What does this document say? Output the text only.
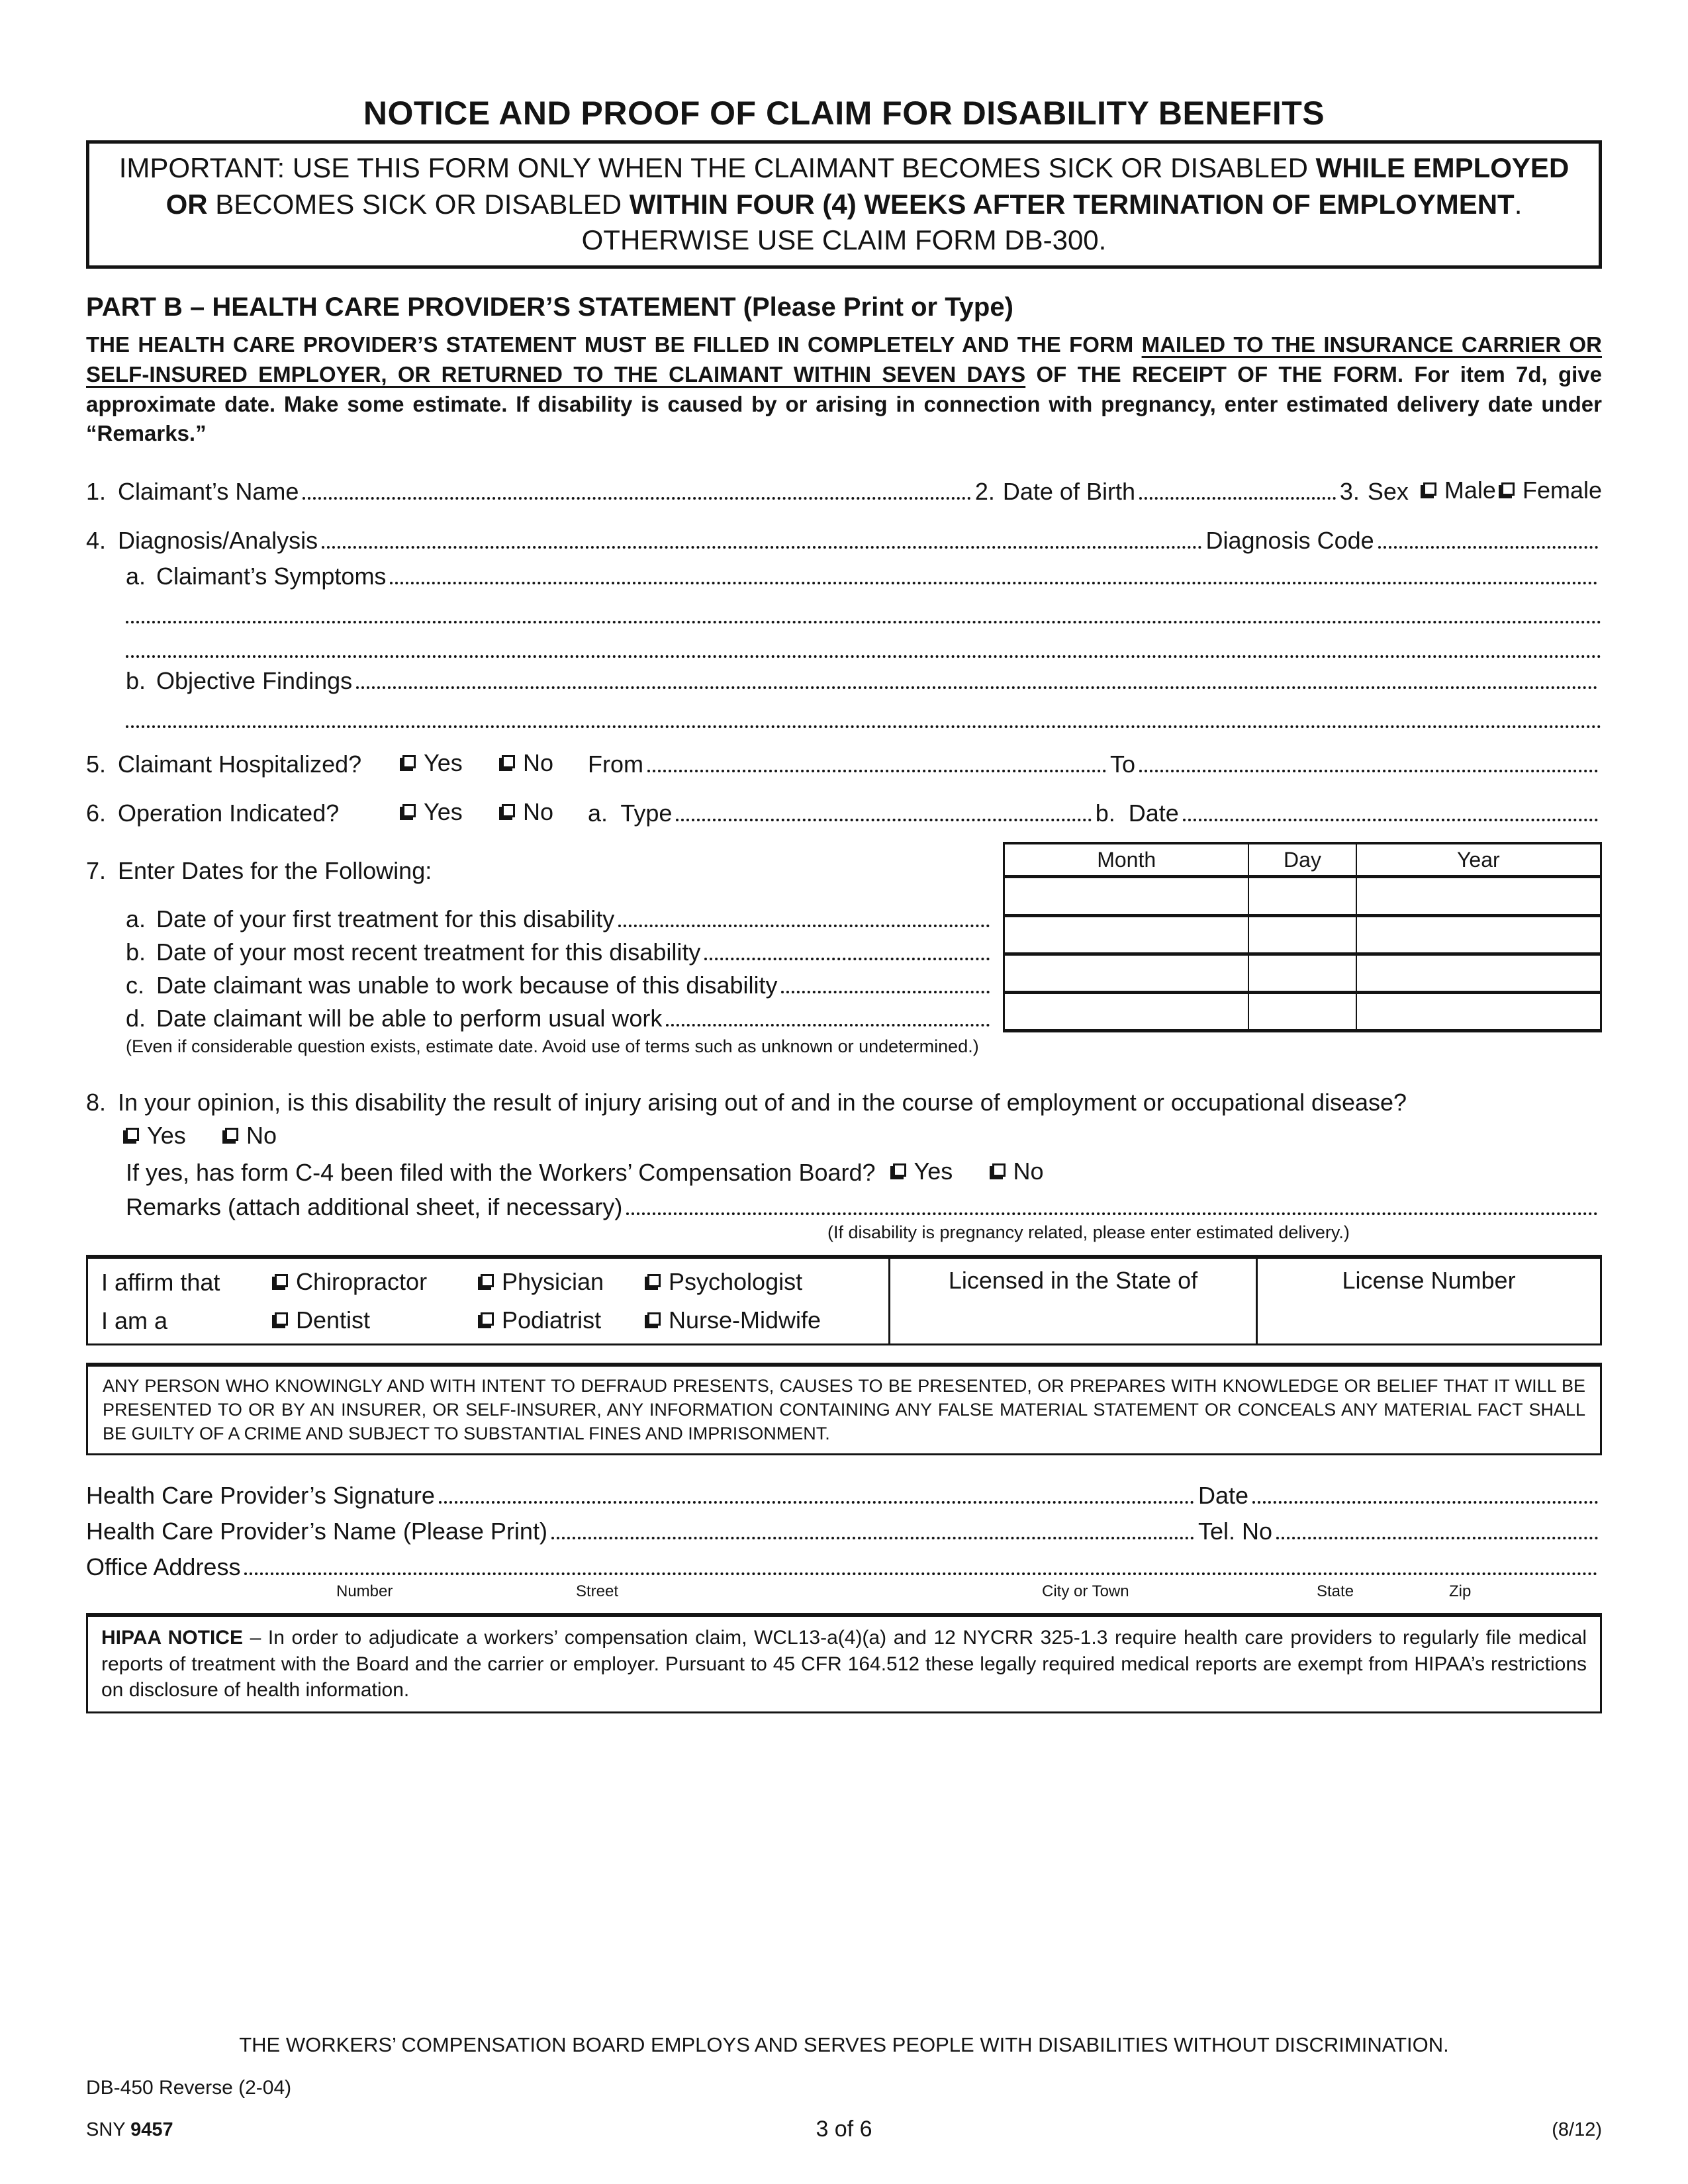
NOTICE AND PROOF OF CLAIM FOR DISABILITY BENEFITS
IMPORTANT: USE THIS FORM ONLY WHEN THE CLAIMANT BECOMES SICK OR DISABLED WHILE EMPLOYED OR BECOMES SICK OR DISABLED WITHIN FOUR (4) WEEKS AFTER TERMINATION OF EMPLOYMENT. OTHERWISE USE CLAIM FORM DB-300.
PART B – HEALTH CARE PROVIDER’S STATEMENT (Please Print or Type)

THE HEALTH CARE PROVIDER’S STATEMENT MUST BE FILLED IN COMPLETELY AND THE FORM MAILED TO THE INSURANCE CARRIER OR SELF-INSURED EMPLOYER, OR RETURNED TO THE CLAIMANT WITHIN SEVEN DAYS OF THE RECEIPT OF THE FORM. For item 7d, give approximate date. Make some estimate. If disability is caused by or arising in connection with pregnancy, enter estimated delivery date under “Remarks.”

1. Claimant’s Name	2. Date of Birth	3. Sex Male Female
4. Diagnosis/Analysis	Diagnosis Code
a. Claimant’s Symptoms
b. Objective Findings
5. Claimant Hospitalized?	Yes	No From	To
6. Operation Indicated?	Yes	No a.  Type	b.  Date
7. Enter Dates for the Following:
a. Date of your first treatment for this disability
b. Date of your most recent treatment for this disability
c. Date claimant was unable to work because of this disability
d. Date claimant will be able to perform usual work
Month	Day	Year

(Even if considerable question exists, estimate date. Avoid use of terms such as unknown or undetermined.)
8. In your opinion, is this disability the result of injury arising out of and in the course of employment or occupational disease?
Yes	No
If yes, has form C-4 been filed with the Workers’ Compensation Board? Yes	No
Remarks (attach additional sheet, if necessary)
(If disability is pregnancy related, please enter estimated delivery.)
I affirm that	Chiropractor	Physician	Psychologist
I am a	Dentist	Podiatrist	Nurse-Midwife
Licensed in the State of	License Number
ANY PERSON WHO KNOWINGLY AND WITH INTENT TO DEFRAUD PRESENTS, CAUSES TO BE PRESENTED, OR PREPARES WITH KNOWLEDGE OR BELIEF THAT IT WILL BE PRESENTED TO OR BY AN INSURER, OR SELF-INSURER, ANY INFORMATION CONTAINING ANY FALSE MATERIAL STATEMENT OR CONCEALS ANY MATERIAL FACT SHALL BE GUILTY OF A CRIME AND SUBJECT TO SUBSTANTIAL FINES AND IMPRISONMENT.
Health Care Provider’s Signature	Date
Health Care Provider’s Name (Please Print)	Tel. No
Office Address
Number	Street	City or Town	State	Zip
HIPAA NOTICE – In order to adjudicate a workers’ compensation claim, WCL13-a(4)(a) and 12 NYCRR 325-1.3 require health care providers to regularly file medical reports of treatment with the Board and the carrier or employer. Pursuant to 45 CFR 164.512 these legally required medical reports are exempt from HIPAA’s restrictions on disclosure of health information.
THE WORKERS’ COMPENSATION BOARD EMPLOYS AND SERVES PEOPLE WITH DISABILITIES WITHOUT DISCRIMINATION.
DB-450 Reverse (2-04)
SNY 9457	3 of 6	(8/12)
